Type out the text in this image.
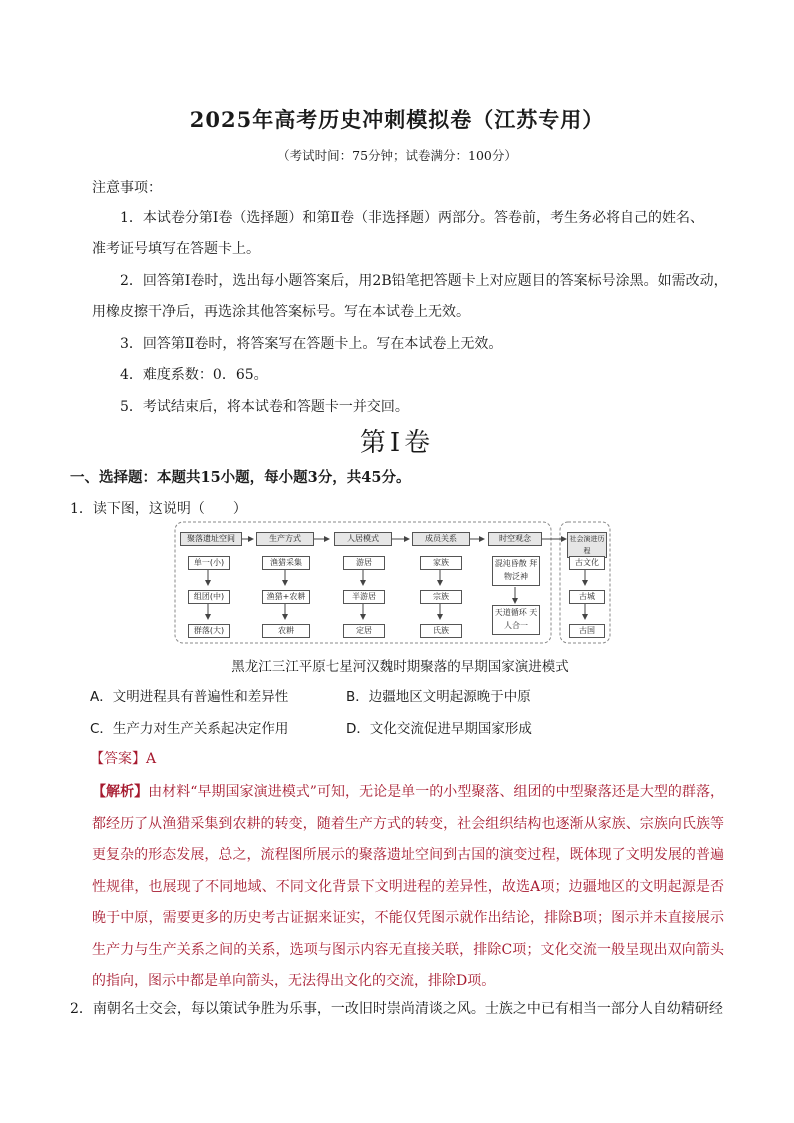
2025年高考历史冲刺模拟卷（江苏专用）
（考试时间：75分钟；试卷满分：100分）
注意事项：
1．本试卷分第Ⅰ卷（选择题）和第Ⅱ卷（非选择题）两部分。答卷前，考生务必将自己的姓名、
准考证号填写在答题卡上。
2．回答第Ⅰ卷时，选出每小题答案后，用2B铅笔把答题卡上对应题目的答案标号涂黑。如需改动，
用橡皮擦干净后，再选涂其他答案标号。写在本试卷上无效。
3．回答第Ⅱ卷时，将答案写在答题卡上。写在本试卷上无效。
4．难度系数：0．65。
5．考试结束后，将本试卷和答题卡一并交回。
第Ⅰ卷
一、选择题：本题共15小题，每小题3分，共45分。
1．读下图，这说明（　　）
聚落遗址空间	生产方式	人居模式	成员关系	时空观念	社会演进历程
单一(小)
组团(中)
群落(大)
渔猎采集
渔猎+农耕
农耕
游居
半游居
定居
家族
宗族
氏族
混沌昏散 拜物泛神
天道循环 天人合一
古文化
古城
古国
黑龙江三江平原七星河汉魏时期聚落的早期国家演进模式
A．文明进程具有普遍性和差异性	B．边疆地区文明起源晚于中原
C．生产力对生产关系起决定作用	D．文化交流促进早期国家形成
【答案】A
【解析】由材料“早期国家演进模式”可知，无论是单一的小型聚落、组团的中型聚落还是大型的群落，都经历了从渔猎采集到农耕的转变，随着生产方式的转变，社会组织结构也逐渐从家族、宗族向氏族等更复杂的形态发展，总之，流程图所展示的聚落遗址空间到古国的演变过程，既体现了文明发展的普遍性规律，也展现了不同地域、不同文化背景下文明进程的差异性，故选A项；边疆地区的文明起源是否晚于中原，需要更多的历史考古证据来证实，不能仅凭图示就作出结论，排除B项；图示并未直接展示生产力与生产关系之间的关系，选项与图示内容无直接关联，排除C项；文化交流一般呈现出双向箭头的指向，图示中都是单向箭头，无法得出文化的交流，排除D项。
2．南朝名士交会，每以策试争胜为乐事，一改旧时崇尚清谈之风。士族之中已有相当一部分人自幼精研经
